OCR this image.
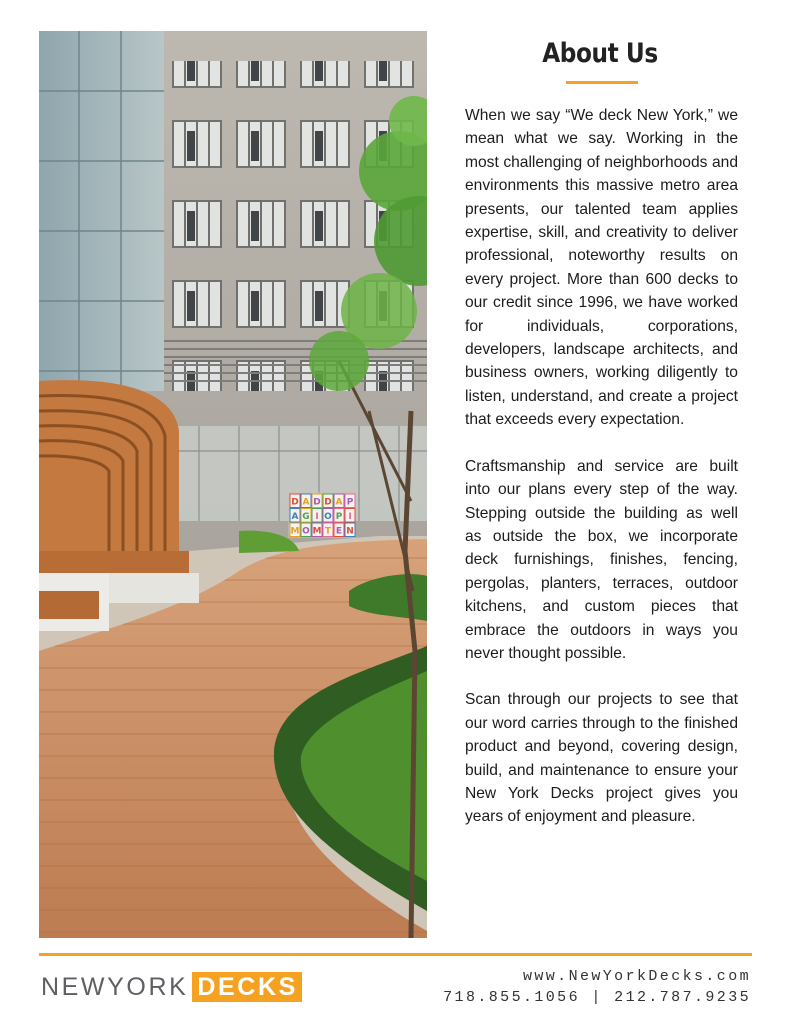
D A D D A P
A G I O P I
M O M T E N
About Us

When we say “We deck New York,” we mean what we say. Working in the most challenging of neighborhoods and environments this massive metro area presents, our talented team applies expertise, skill, and creativity to deliver professional, noteworthy results on every project. More than 600 decks to our credit since 1996, we have worked for individuals, corporations, developers, landscape architects, and business owners, working diligently to listen, understand, and create a project that exceeds every expectation.

Craftsmanship and service are built into our plans every step of the way. Stepping outside the building as well as outside the box, we incorporate deck furnishings, finishes, fencing, pergolas, planters, terraces, outdoor kitchens, and custom pieces that embrace the outdoors in ways you never thought possible.

Scan through our projects to see that our word carries through to the finished product and beyond, covering design, build, and maintenance to ensure your New York Decks project gives you years of enjoyment and pleasure.

NEWYORK DECKS	www.NewYorkDecks.com
718.855.1056 | 212.787.9235
